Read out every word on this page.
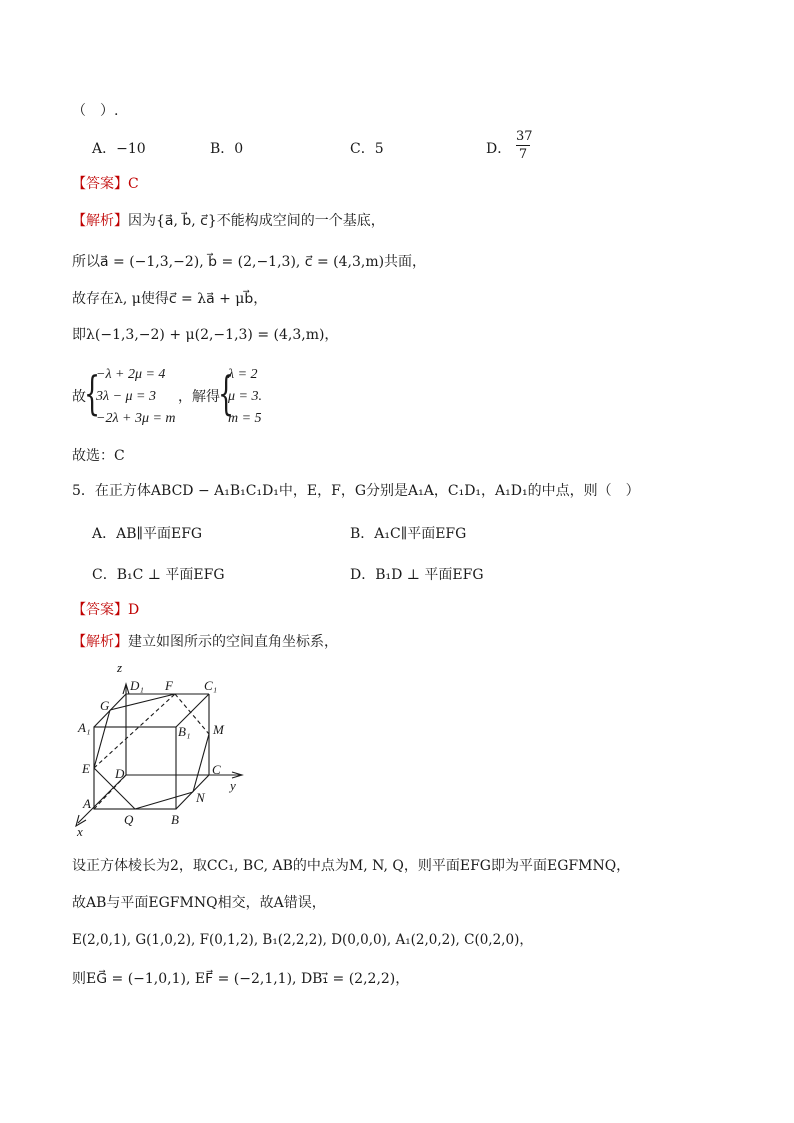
（　）.
A．−10	B．0	C．5	D．
37
7
【答案】C
【解析】因为{a⃗, b⃗, c⃗}不能构成空间的一个基底，
所以a⃗ = (−1,3,−2), b⃗ = (2,−1,3), c⃗ = (4,3,m)共面，
故存在λ, μ使得c⃗ = λa⃗ + μb⃗，
即λ(−1,3,−2) + μ(2,−1,3) = (4,3,m)，
故
{
−λ + 2μ = 4
3λ − μ = 3
−2λ + 3μ = m
，解得
{
λ = 2
μ = 3.
m = 5
故选：C
5．在正方体ABCD − A₁B₁C₁D₁中，E，F，G分别是A₁A，C₁D₁，A₁D₁的中点，则（　）
A．AB∥平面EFG	B．A₁C∥平面EFG
C．B₁C ⊥ 平面EFG	D．B₁D ⊥ 平面EFG
【答案】D
【解析】建立如图所示的空间直角坐标系，
z
D₁ F C₁
G
A₁	B₁ M
E D	C
y
A	N
Q	B
x
设正方体棱长为2，取CC₁, BC, AB的中点为M, N, Q，则平面EFG即为平面EGFMNQ，
故AB与平面EGFMNQ相交，故A错误，
E(2,0,1), G(1,0,2), F(0,1,2), B₁(2,2,2), D(0,0,0), A₁(2,0,2), C(0,2,0)，
则EG⃗ = (−1,0,1), EF⃗ = (−2,1,1), DB₁⃗ = (2,2,2)，
